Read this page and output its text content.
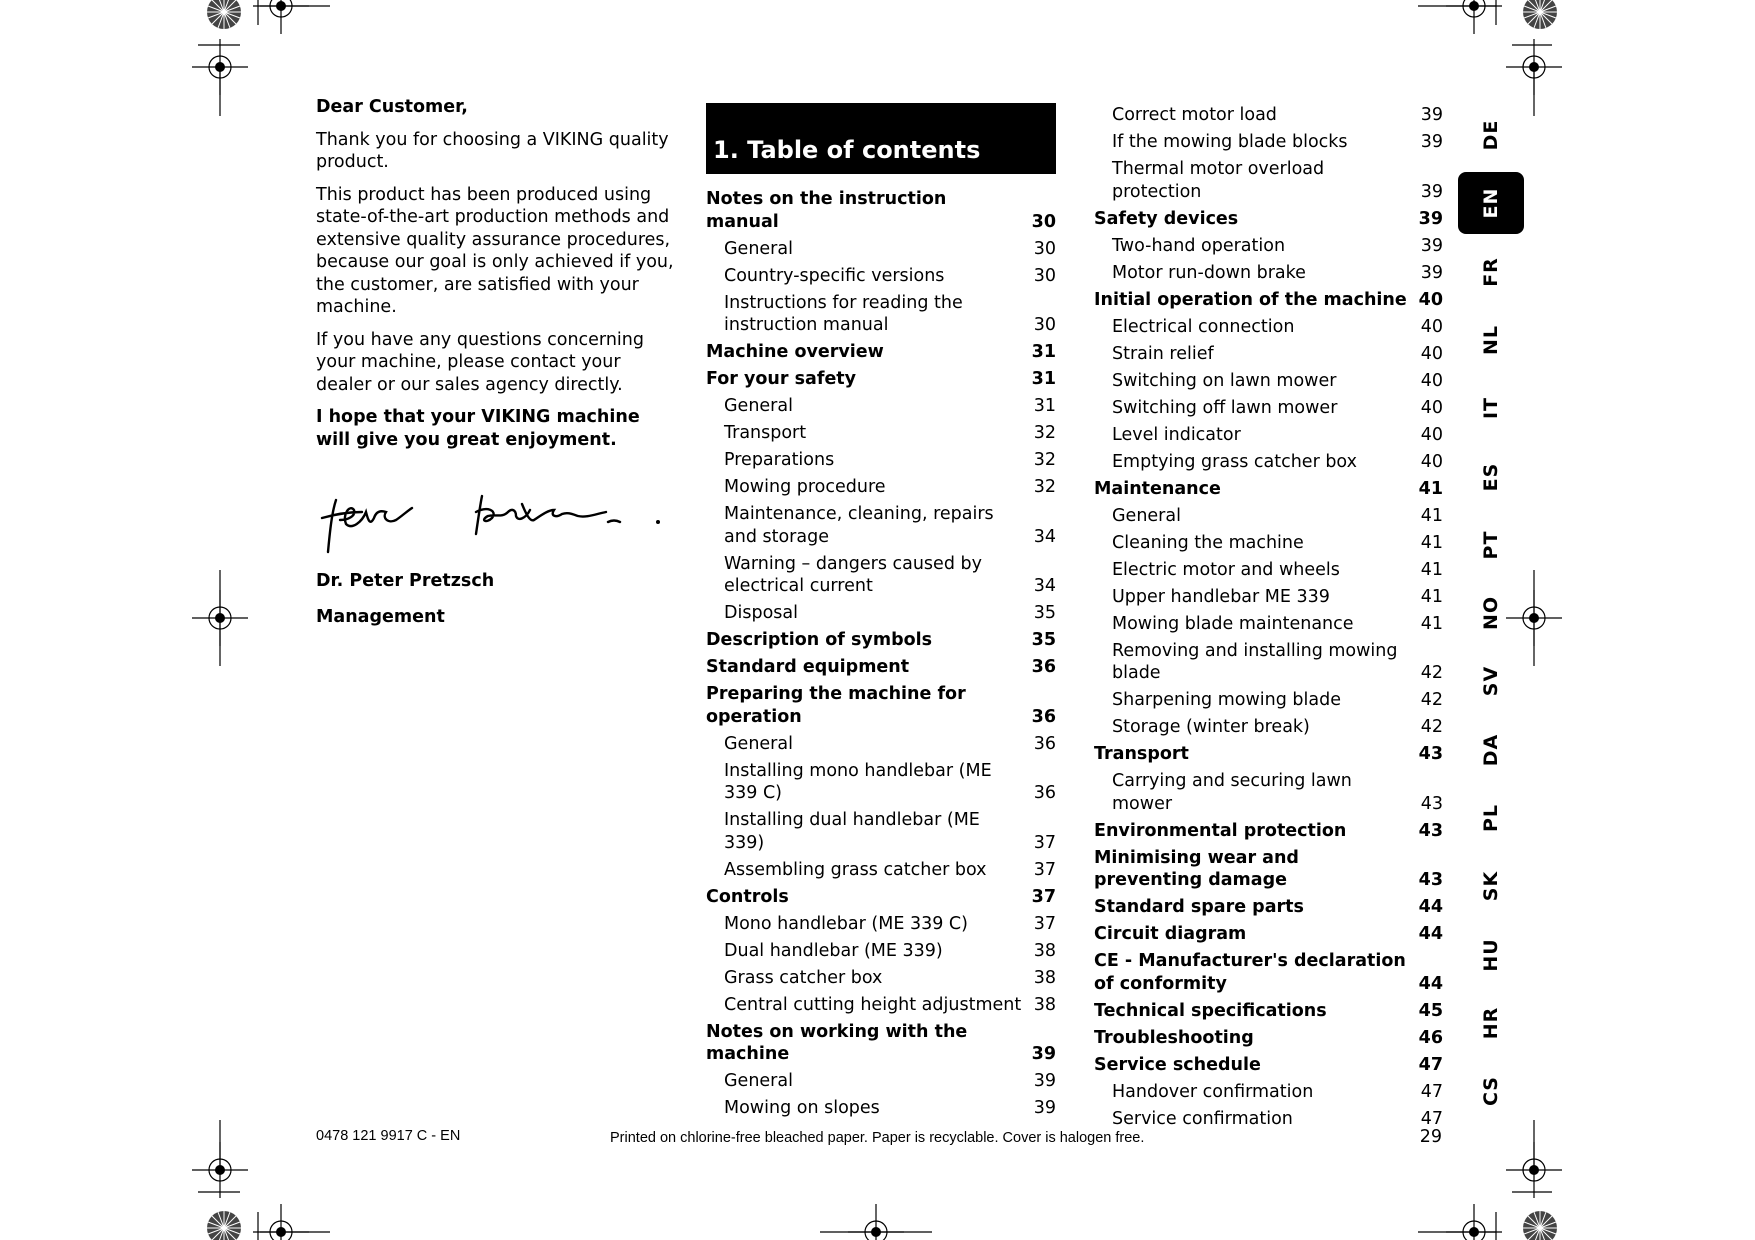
Dear Customer,

Thank you for choosing a VIKING quality product.

This product has been produced using state-of-the-art production methods and extensive quality assurance procedures, because our goal is only achieved if you, the customer, are satisfied with your machine.

If you have any questions concerning your machine, please contact your dealer or our sales agency directly.

I hope that your VIKING machine will give you great enjoyment.

Dr. Peter Pretzsch
Management
1. Table of contents
Notes on the instruction manual	30
General	30
Country-specific versions	30
Instructions for reading the instruction manual	30
Machine overview	31
For your safety	31
General	31
Transport	32
Preparations	32
Mowing procedure	32
Maintenance, cleaning, repairs and storage	34
Warning – dangers caused by electrical current	34
Disposal	35
Description of symbols	35
Standard equipment	36
Preparing the machine for operation	36
General	36
Installing mono handlebar (ME 339 C)	36
Installing dual handlebar (ME 339)	37
Assembling grass catcher box	37
Controls	37
Mono handlebar (ME 339 C)	37
Dual handlebar (ME 339)	38
Grass catcher box	38
Central cutting height adjustment 38
Notes on working with the machine	39
General	39
Mowing on slopes	39
Correct motor load	39
If the mowing blade blocks	39
Thermal motor overload protection	39
Safety devices	39
Two-hand operation	39
Motor run-down brake	39
Initial operation of the machine 40
Electrical connection	40
Strain relief	40
Switching on lawn mower	40
Switching off lawn mower	40
Level indicator	40
Emptying grass catcher box	40
Maintenance	41
General	41
Cleaning the machine	41
Electric motor and wheels	41
Upper handlebar ME 339	41
Mowing blade maintenance	41
Removing and installing mowing blade	42
Sharpening mowing blade	42
Storage (winter break)	42
Transport	43
Carrying and securing lawn mower	43
Environmental protection	43
Minimising wear and preventing damage	43
Standard spare parts	44
Circuit diagram	44
CE - Manufacturer's declaration of conformity	44
Technical specifications	45
Troubleshooting	46
Service schedule	47
Handover confirmation	47
Service confirmation	47
DE
EN
FR
NL
IT
ES
PT
NO
SV
DA
PL
SK
HU
HR
CS
0478 121 9917 C - EN	Printed on chlorine-free bleached paper. Paper is recyclable. Cover is halogen free.	29
